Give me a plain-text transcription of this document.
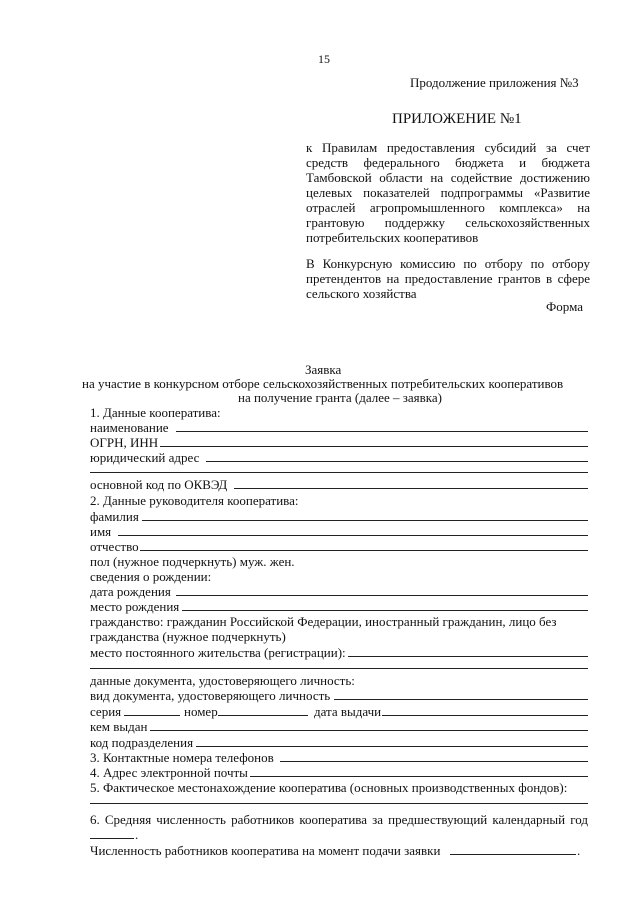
15
Продолжение приложения №3
ПРИЛОЖЕНИЕ №1
к Правилам предоставления субсидий за счет
средств федерального бюджета и бюджета
Тамбовской области на содействие достижению
целевых показателей подпрограммы «Развитие
отраслей агропромышленного комплекса» на
грантовую поддержку сельскохозяйственных
потребительских кооперативов
В Конкурсную комиссию по отбору по отбору
претендентов на предоставление грантов в сфере
сельского хозяйства
Форма
Заявка
на участие в конкурсном отборе сельскохозяйственных потребительских кооперативов
на получение гранта (далее – заявка)
1. Данные кооператива:
наименование
ОГРН, ИНН
юридический адрес
основной код по ОКВЭД
2. Данные руководителя кооператива:
фамилия
имя
отчество
пол (нужное подчеркнуть) муж. жен.
сведения о рождении:
дата рождения
место рождения
гражданство: гражданин Российской Федерации, иностранный гражданин, лицо без
гражданства (нужное подчеркнуть)
место постоянного жительства (регистрации):
данные документа, удостоверяющего личность:
вид документа, удостоверяющего личность
серия	номер	дата выдачи
кем выдан
код подразделения
3. Контактные номера телефонов
4. Адрес электронной почты
5. Фактическое местонахождение кооператива (основных производственных фондов):
6. Средняя численность работников кооператива за предшествующий календарный год
.
Численность работников кооператива на момент подачи заявки	.
